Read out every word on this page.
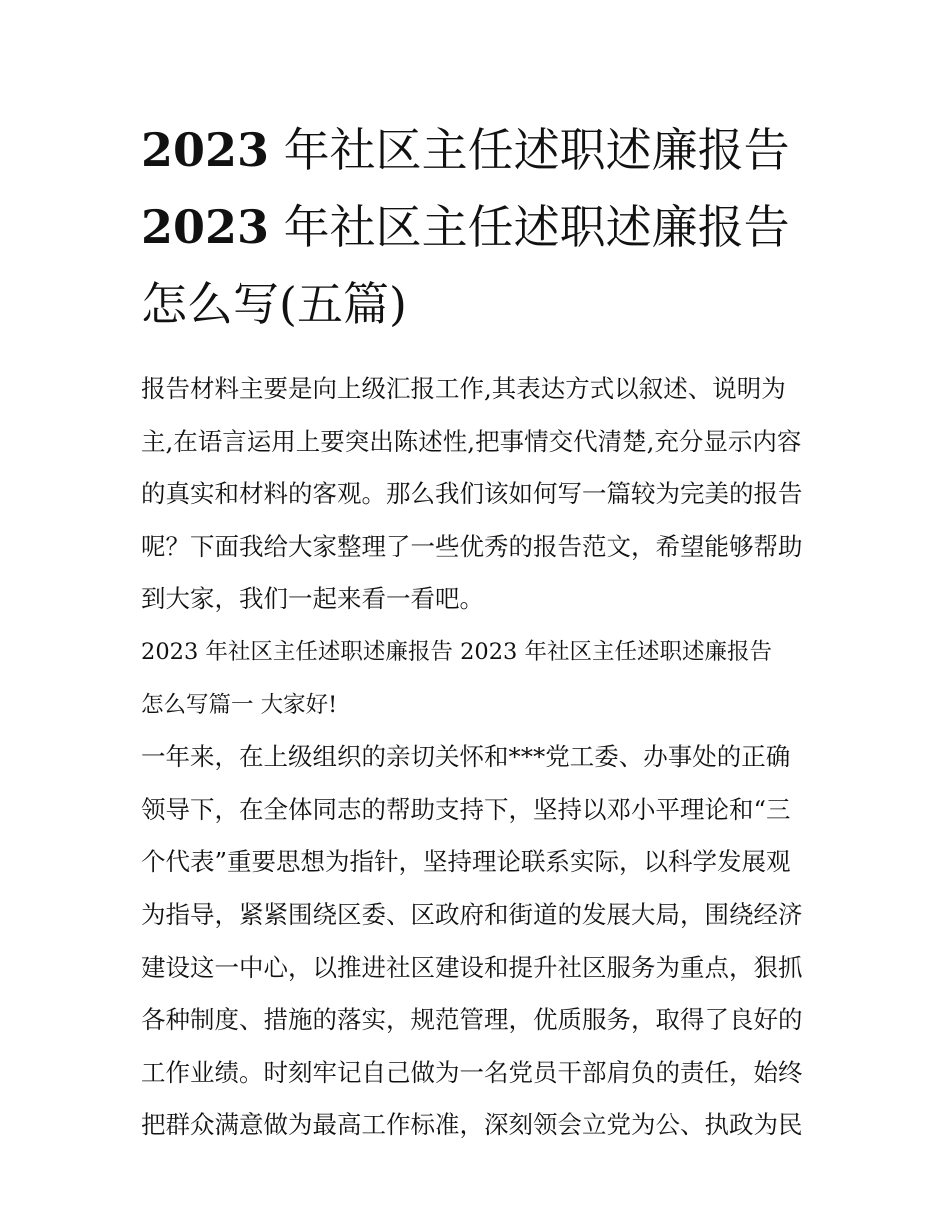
2023 年社区主任述职述廉报告
2023 年社区主任述职述廉报告
怎么写(五篇)

报告材料主要是向上级汇报工作,其表达方式以叙述、说明为
主,在语言运用上要突出陈述性,把事情交代清楚,充分显示内容
的真实和材料的客观。那么我们该如何写一篇较为完美的报告
呢？下面我给大家整理了一些优秀的报告范文，希望能够帮助
到大家，我们一起来看一看吧。

2023 年社区主任述职述廉报告 2023 年社区主任述职述廉报告
怎么写篇一 大家好!

一年来，在上级组织的亲切关怀和***党工委、办事处的正确
领导下，在全体同志的帮助支持下，坚持以邓小平理论和“三
个代表”重要思想为指针，坚持理论联系实际，以科学发展观
为指导，紧紧围绕区委、区政府和街道的发展大局，围绕经济
建设这一中心，以推进社区建设和提升社区服务为重点，狠抓
各种制度、措施的落实，规范管理，优质服务，取得了良好的
工作业绩。时刻牢记自己做为一名党员干部肩负的责任，始终
把群众满意做为最高工作标准，深刻领会立党为公、执政为民
